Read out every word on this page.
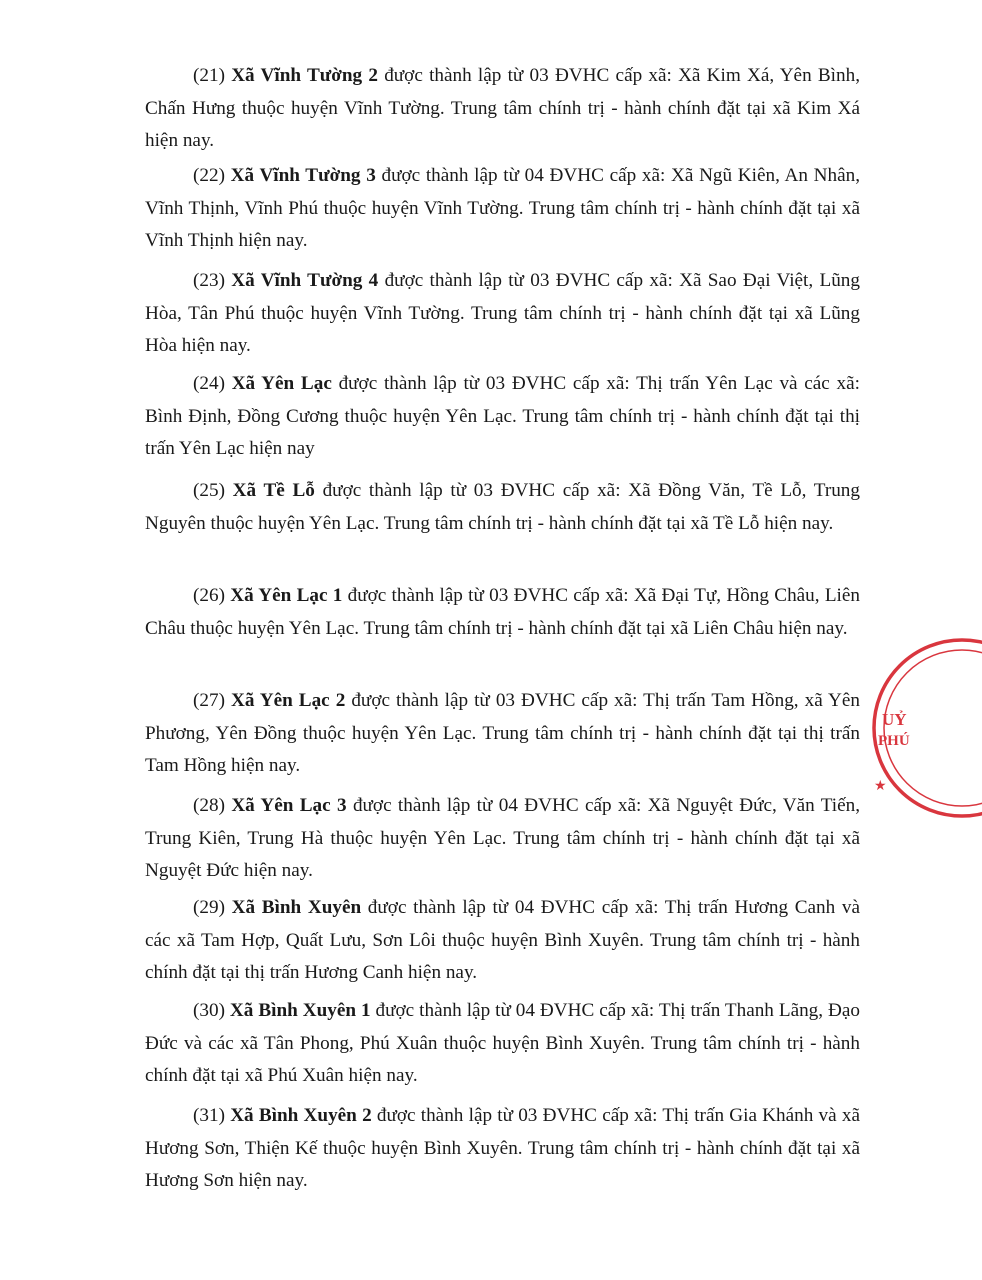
(21) Xã Vĩnh Tường 2 được thành lập từ 03 ĐVHC cấp xã: Xã Kim Xá, Yên Bình, Chấn Hưng thuộc huyện Vĩnh Tường. Trung tâm chính trị - hành chính đặt tại xã Kim Xá hiện nay.

(22) Xã Vĩnh Tường 3 được thành lập từ 04 ĐVHC cấp xã: Xã Ngũ Kiên, An Nhân, Vĩnh Thịnh, Vĩnh Phú thuộc huyện Vĩnh Tường. Trung tâm chính trị - hành chính đặt tại xã Vĩnh Thịnh hiện nay.

(23) Xã Vĩnh Tường 4 được thành lập từ 03 ĐVHC cấp xã: Xã Sao Đại Việt, Lũng Hòa, Tân Phú thuộc huyện Vĩnh Tường. Trung tâm chính trị - hành chính đặt tại xã Lũng Hòa hiện nay.

(24) Xã Yên Lạc được thành lập từ 03 ĐVHC cấp xã: Thị trấn Yên Lạc và các xã: Bình Định, Đồng Cương thuộc huyện Yên Lạc. Trung tâm chính trị - hành chính đặt tại thị trấn Yên Lạc hiện nay

(25) Xã Tề Lỗ được thành lập từ 03 ĐVHC cấp xã: Xã Đồng Văn, Tề Lỗ, Trung Nguyên thuộc huyện Yên Lạc. Trung tâm chính trị - hành chính đặt tại xã Tề Lỗ hiện nay.

(26) Xã Yên Lạc 1 được thành lập từ 03 ĐVHC cấp xã: Xã Đại Tự, Hồng Châu, Liên Châu thuộc huyện Yên Lạc. Trung tâm chính trị - hành chính đặt tại xã Liên Châu hiện nay.

(27) Xã Yên Lạc 2 được thành lập từ 03 ĐVHC cấp xã: Thị trấn Tam Hồng, xã Yên Phương, Yên Đồng thuộc huyện Yên Lạc. Trung tâm chính trị - hành chính đặt tại thị trấn Tam Hồng hiện nay.

(28) Xã Yên Lạc 3 được thành lập từ 04 ĐVHC cấp xã: Xã Nguyệt Đức, Văn Tiến, Trung Kiên, Trung Hà thuộc huyện Yên Lạc. Trung tâm chính trị - hành chính đặt tại xã Nguyệt Đức hiện nay.

(29) Xã Bình Xuyên được thành lập từ 04 ĐVHC cấp xã: Thị trấn Hương Canh và các xã Tam Hợp, Quất Lưu, Sơn Lôi thuộc huyện Bình Xuyên. Trung tâm chính trị - hành chính đặt tại thị trấn Hương Canh hiện nay.

(30) Xã Bình Xuyên 1 được thành lập từ 04 ĐVHC cấp xã: Thị trấn Thanh Lãng, Đạo Đức và các xã Tân Phong, Phú Xuân thuộc huyện Bình Xuyên. Trung tâm chính trị - hành chính đặt tại xã Phú Xuân hiện nay.

(31) Xã Bình Xuyên 2 được thành lập từ 03 ĐVHC cấp xã: Thị trấn Gia Khánh và xã Hương Sơn, Thiện Kế thuộc huyện Bình Xuyên. Trung tâm chính trị - hành chính đặt tại xã Hương Sơn hiện nay.

UỶ
PHÚ
★
